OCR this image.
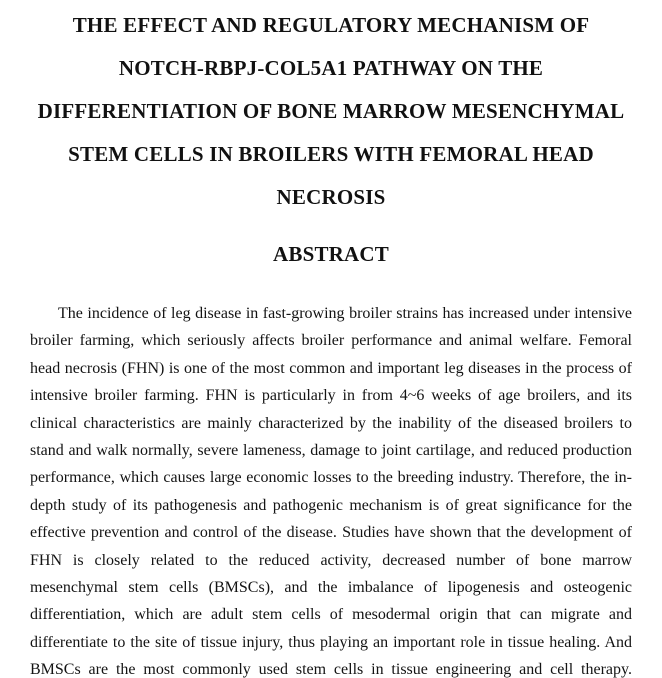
THE EFFECT AND REGULATORY MECHANISM OF
NOTCH-RBPJ-COL5A1 PATHWAY ON THE
DIFFERENTIATION OF BONE MARROW MESENCHYMAL
STEM CELLS IN BROILERS WITH FEMORAL HEAD
NECROSIS
ABSTRACT
The incidence of leg disease in fast-growing broiler strains has increased under intensive
broiler farming, which seriously affects broiler performance and animal welfare. Femoral
head necrosis (FHN) is one of the most common and important leg diseases in the process of
intensive broiler farming. FHN is particularly in from 4~6 weeks of age broilers, and its
clinical characteristics are mainly characterized by the inability of the diseased broilers to
stand and walk normally, severe lameness, damage to joint cartilage, and reduced production
performance, which causes large economic losses to the breeding industry. Therefore, the in-
depth study of its pathogenesis and pathogenic mechanism is of great significance for the
effective prevention and control of the disease. Studies have shown that the development of
FHN is closely related to the reduced activity, decreased number of bone marrow
mesenchymal stem cells (BMSCs), and the imbalance of lipogenesis and osteogenic
differentiation, which are adult stem cells of mesodermal origin that can migrate and
differentiate to the site of tissue injury, thus playing an important role in tissue healing. And
BMSCs are the most commonly used stem cells in tissue engineering and cell therapy.
